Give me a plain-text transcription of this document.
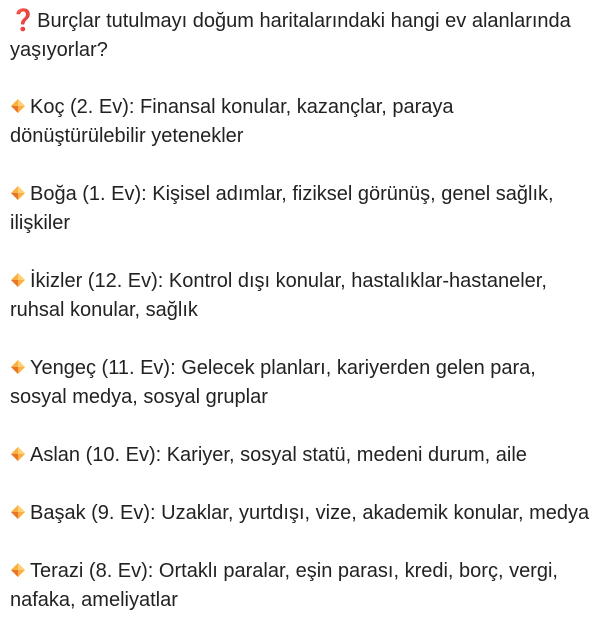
❓Burçlar tutulmayı doğum haritalarındaki hangi ev alanlarında yaşıyorlar?

Koç (2. Ev): Finansal konular, kazançlar, paraya dönüştürülebilir yetenekler

Boğa (1. Ev): Kişisel adımlar, fiziksel görünüş, genel sağlık, ilişkiler

İkizler (12. Ev): Kontrol dışı konular, hastalıklar-hastaneler, ruhsal konular, sağlık

Yengeç (11. Ev): Gelecek planları, kariyerden gelen para, sosyal medya, sosyal gruplar

Aslan (10. Ev): Kariyer, sosyal statü, medeni durum, aile

Başak (9. Ev): Uzaklar, yurtdışı, vize, akademik konular, medya

Terazi (8. Ev): Ortaklı paralar, eşin parası, kredi, borç, vergi, nafaka, ameliyatlar
